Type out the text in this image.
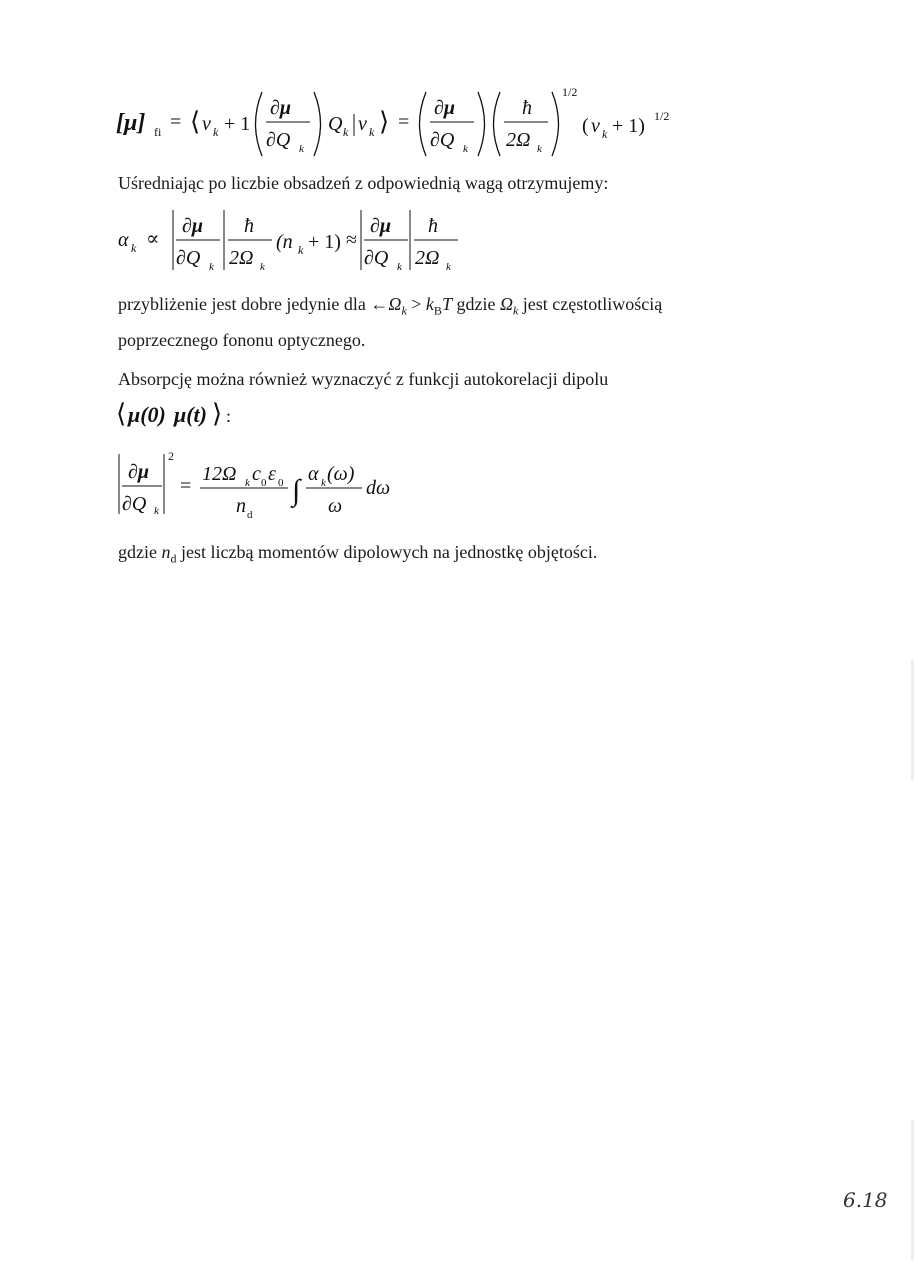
[μ] fi = ⟨ v k + 1
∂μ
∂Q k
Q k v k ⟩ =
∂μ
∂Q k
ħ
2Ω k
1/2
( v k + 1) 1/2
Uśredniając po liczbie obsadzeń z odpowiednią wagą otrzymujemy:
α k ∝
∂μ
∂Q k
ħ
2Ω k
(n k + 1) ≈
∂μ
∂Q k
ħ
2Ω k
przybliżenie jest dobre jedynie dla $\leftarrow\Omega_k > k_BT$ gdzie $\Omega_k$ jest częstotliwością
poprzecznego fononu optycznego.
Absorpcję można również wyznaczyć z funkcji autokorelacji dipolu
⟨ μ(0) μ(t) ⟩ :
∂μ
∂Q k
2
=
12Ω k c 0 ε 0
n d
∫ α k (ω)
ω
dω
gdzie $n_d$ jest liczbą momentów dipolowych na jednostkę objętości.
6.18
